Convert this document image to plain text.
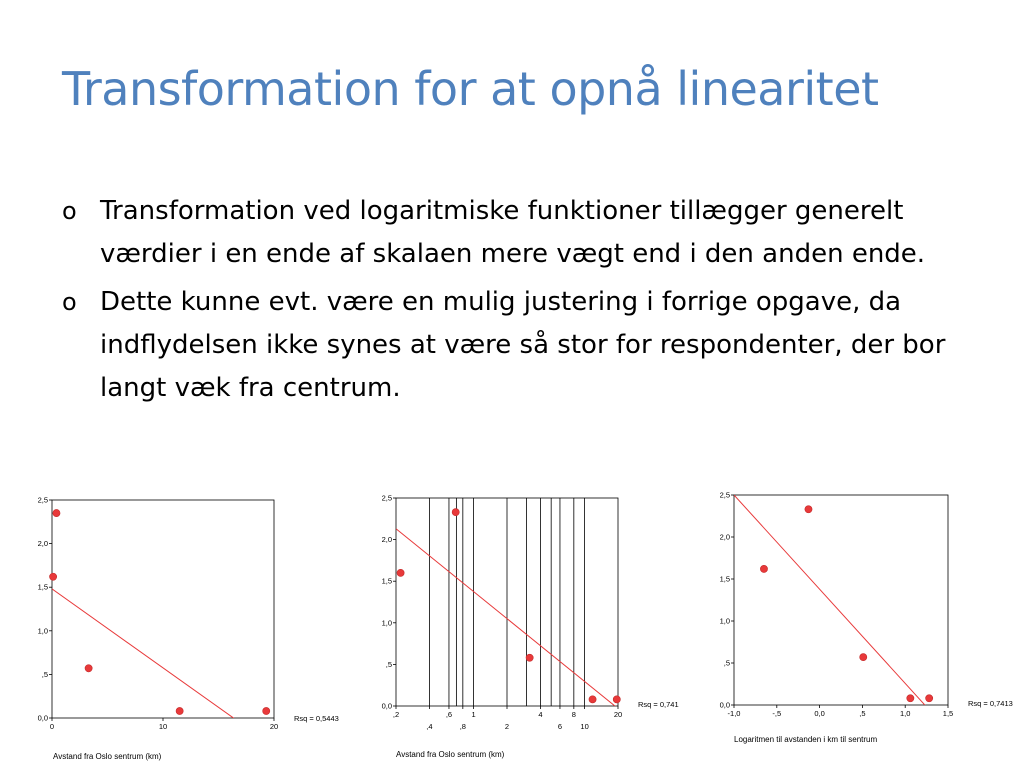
Transformation for at opnå linearitet
o Transformation ved logaritmiske funktioner tillægger generelt værdier i en ende af skalaen mere vægt end i den anden ende.
o Dette kunne evt. være en mulig justering i forrige opgave, da indflydelsen ikke synes at være så stor for respondenter, der bor langt væk fra centrum.
0,0
,5
1,0
1,5
2,0
2,5
0	10	20
Rsq = 0,5443
Avstand fra Oslo sentrum (km)
0,0
,5
1,0
1,5
2,0
2,5
,2
,4
,6
,8
1
2
4
6
8
10
20
Rsq = 0,741
Avstand fra Oslo sentrum (km)
0,0
,5
1,0
1,5
2,0
2,5
-1,0	-,5	0,0	,5	1,0	1,5
Rsq = 0,7413
Logaritmen til avstanden i km til sentrum
